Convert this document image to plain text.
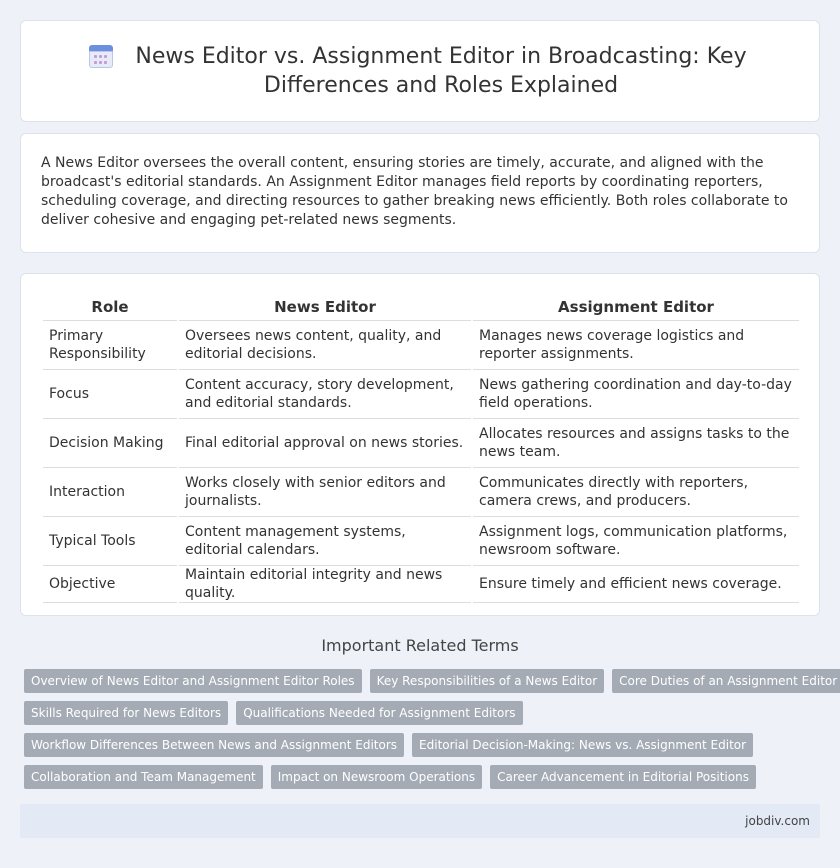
News Editor vs. Assignment Editor in Broadcasting: Key Differences and Roles Explained

A News Editor oversees the overall content, ensuring stories are timely, accurate, and aligned with the broadcast's editorial standards. An Assignment Editor manages field reports by coordinating reporters, scheduling coverage, and directing resources to gather breaking news efficiently. Both roles collaborate to deliver cohesive and engaging pet-related news segments.

Role	News Editor	Assignment Editor
Primary Responsibility	Oversees news content, quality, and editorial decisions.	Manages news coverage logistics and reporter assignments.
Focus	Content accuracy, story development, and editorial standards.	News gathering coordination and day-to-day field operations.
Decision Making	Final editorial approval on news stories.	Allocates resources and assigns tasks to the news team.
Interaction	Works closely with senior editors and journalists.	Communicates directly with reporters, camera crews, and producers.
Typical Tools	Content management systems, editorial calendars.	Assignment logs, communication platforms, newsroom software.
Objective	Maintain editorial integrity and news quality.	Ensure timely and efficient news coverage.
Important Related Terms
Overview of News Editor and Assignment Editor Roles	Key Responsibilities of a News Editor	Core Duties of an Assignment Editor
Skills Required for News Editors	Qualifications Needed for Assignment Editors
Workflow Differences Between News and Assignment Editors	Editorial Decision-Making: News vs. Assignment Editor
Collaboration and Team Management	Impact on Newsroom Operations	Career Advancement in Editorial Positions
jobdiv.com
